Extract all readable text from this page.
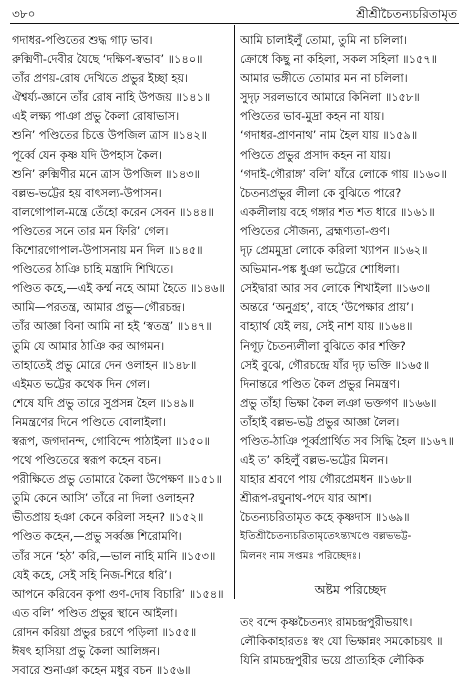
৩৮০	শ্রীশ্রীচৈতন্যচরিতামৃত
গদাধর-পণ্ডিতের শুদ্ধ গাঢ় ভাব।
রুক্মিণী-দেবীর যৈছে ‘দক্ষিণ-স্বভাব’ ॥১৪০॥
তাঁর প্রণয়-রোষ দেখিতে প্রভুর ইচ্ছা হয়।
ঐশ্বর্য্য-জ্ঞানে তাঁর রোষ নাহি উপজয় ॥১৪১॥
এই লক্ষ্য পাঞা প্রভু কৈলা রোষাভাস।
শুনি’ পণ্ডিতের চিত্তে উপজিল ত্রাস ॥১৪২॥
পূর্ব্বে যেন কৃষ্ণ যদি উপহাস কৈল।
শুনি’ রুক্মিণীর মনে ত্রাস উপজিল ॥১৪৩॥
বল্লভ-ভট্টের হয় বাৎসল্য-উপাসন।
বালগোপাল-মন্ত্রে তেঁহো করেন সেবন ॥১৪৪॥
পণ্ডিতের সনে তার মন ফিরি’ গেল।
কিশোরগোপাল-উপাসনায় মন দিল ॥১৪৫॥
পণ্ডিতের ঠাঞি চাহি মন্ত্রাদি শিখিতে।
পণ্ডিত কহে,—এই কর্ম্ম নহে আমা হৈতে ॥১৪৬॥
আমি—পরতন্ত্র, আমার প্রভু—গৌরচন্দ্র।
তাঁর আজ্ঞা বিনা আমি না হই ‘স্বতন্ত্র’ ॥১৪৭॥
তুমি যে আমার ঠাঞি কর আগমন।
তাহাতেই প্রভু মোরে দেন ওলাহন ॥১৪৮॥
এইমত ভট্টের কথেক দিন গেল।
শেষে যদি প্রভু তারে সুপ্রসন্ন হৈল ॥১৪৯॥
নিমন্ত্রণের দিনে পণ্ডিতে বোলাইলা।
স্বরূপ, জগদানন্দ, গোবিন্দে পাঠাইলা ॥১৫০॥
পথে পণ্ডিতেরে স্বরূপ কহেন বচন।
পরীক্ষিতে প্রভু তোমারে কৈলা উপেক্ষণ ॥১৫১॥
তুমি কেনে আসি’ তাঁরে না দিলা ওলাহন?
ভীতপ্রায় হঞা কেনে করিলা সহন? ॥১৫২॥
পণ্ডিত কহেন,—প্রভু সর্ব্বজ্ঞ শিরোমণি।
তাঁর সনে ‘হঠ’ করি,—ভাল নাহি মানি ॥১৫৩॥
যেই কহে, সেই সহি নিজ-শিরে ধরি’।
আপনে করিবেন কৃপা গুণ-দোষ বিচারি’ ॥১৫৪॥
এত বলি’ পণ্ডিত প্রভুর স্থানে আইলা।
রোদন করিয়া প্রভুর চরণে পড়িলা ॥১৫৫॥
ঈষৎ হাসিয়া প্রভু কৈলা আলিঙ্গন।
সবারে শুনাঞা কহেন মধুর বচন ॥১৫৬॥
আমি চালাইলুঁ তোমা, তুমি না চলিলা।
ক্রোধে কিছু না কহিলা, সকল সহিলা ॥১৫৭॥
আমার ভঙ্গীতে তোমার মন না চলিলা।
সুদৃঢ় সরলভাবে আমারে কিনিলা ॥১৫৮॥
পণ্ডিতের ভাব-মুদ্রা কহন না যায়।
‘গদাধর-প্রাণনাথ’ নাম হৈল যায় ॥১৫৯॥
পণ্ডিতে প্রভুর প্রসাদ কহন না যায়।
‘গদাই-গৌরাঙ্গ’ বলি’ যাঁরে লোকে গায় ॥১৬০॥
চৈতন্যপ্রভুর লীলা কে বুঝিতে পারে?
একলীলায় বহে গঙ্গার শত শত ধারে ॥১৬১॥
পণ্ডিতের সৌজন্য, ব্রহ্মণ্যতা-গুণ।
দৃঢ় প্রেমমুদ্রা লোকে করিলা খ্যাপন ॥১৬২॥
অভিমান-পঙ্ক ধুঞা ভট্টেরে শোধিলা।
সেইদ্বারা আর সব লোকে শিখাইলা ॥১৬৩॥
অন্তরে ‘অনুগ্রহ’, বাহে ‘উপেক্ষার প্রায়’।
বাহ্যার্থ যেই লয়, সেই নাশ যায় ॥১৬৪॥
নিগূঢ় চৈতন্যলীলা বুঝিতে কার শক্তি?
সেই বুঝে, গৌরচন্দ্রে যাঁর দৃঢ় ভক্তি ॥১৬৫॥
দিনান্তরে পণ্ডিত কৈল প্রভুর নিমন্ত্রণ।
প্রভু তাঁহা ভিক্ষা কৈল লঞা ভক্তগণ ॥১৬৬॥
তাঁহাই বল্লভ-ভট্ট প্রভুর আজ্ঞা লৈল।
পণ্ডিত-ঠাঞি পূর্ব্বপ্রার্থিত সব সিদ্ধি হৈল ॥১৬৭॥
এই ত’ কহিলুঁ বল্লভ-ভট্টের মিলন।
যাহার শ্রবণে পায় গৌরপ্রেমধন ॥১৬৮॥
শ্রীরূপ-রঘুনাথ-পদে যার আশ।
চৈতন্যচরিতামৃত কহে কৃষ্ণদাস ॥১৬৯॥
ইতিশ্রীচৈতন্যচরিতামৃতেঽন্ত্যখণ্ডে বল্লভভট্ট-
মিলনং নাম সপ্তমঃ পরিচ্ছেদঃ।
অষ্টম পরিচ্ছেদ
তং বন্দে কৃষ্ণচৈতন্যং রামচন্দ্রপুরীভয়াৎ।
লৌকিকাহারতঃ স্বং যো ভিক্ষান্নং সমকোচয়ৎ ॥
যিনি রামচন্দ্রপুরীর ভয়ে প্রাত্যহিক লৌকিক
